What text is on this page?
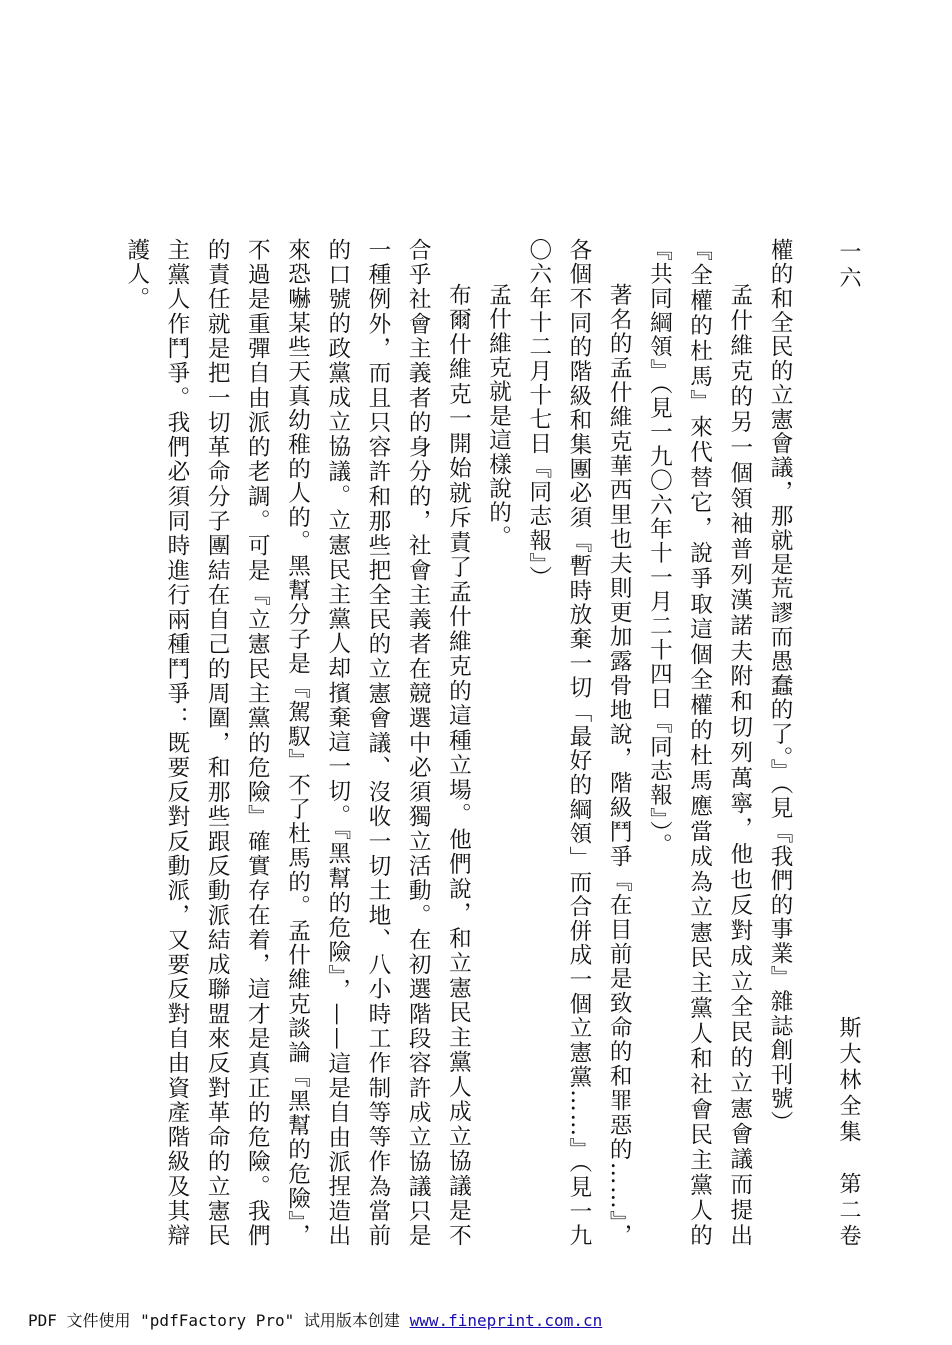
一六
斯大林全集　第二卷

權的和全民的立憲會議，那就是荒謬而愚蠢的了。』（見『我們的事業』雜誌創刊號）

孟什維克的另一個領袖普列漢諾夫附和切列萬寧，他也反對成立全民的立憲會議而提出『全權的杜馬』來代替它，說爭取這個全權的杜馬應當成為立憲民主黨人和社會民主黨人的『共同綱領』（見一九〇六年十一月二十四日『同志報』）。

著名的孟什維克華西里也夫則更加露骨地說，階級鬥爭『在目前是致命的和罪惡的……』，各個不同的階級和集團必須『暫時放棄一切「最好的綱領」而合併成一個立憲黨……』（見一九〇六年十二月十七日『同志報』）

孟什維克就是這樣說的。

布爾什維克一開始就斥責了孟什維克的這種立場。他們說，和立憲民主黨人成立協議是不合乎社會主義者的身分的，社會主義者在競選中必須獨立活動。在初選階段容許成立協議只是一種例外，而且只容許和那些把全民的立憲會議、沒收一切土地、八小時工作制等等作為當前的口號的政黨成立協議。立憲民主黨人却擯棄這一切。『黑幫的危險』，——這是自由派捏造出來恐嚇某些天真幼稚的人的。黑幫分子是『駕馭』不了杜馬的。孟什維克談論『黑幫的危險』，不過是重彈自由派的老調。可是『立憲民主黨的危險』確實存在着，這才是真正的危險。我們的責任就是把一切革命分子團結在自己的周圍，和那些跟反動派結成聯盟來反對革命的立憲民主黨人作鬥爭。我們必須同時進行兩種鬥爭：既要反對反動派，又要反對自由資產階級及其辯護人。

PDF 文件使用 "pdfFactory Pro" 试用版本创建 www.fineprint.com.cn
